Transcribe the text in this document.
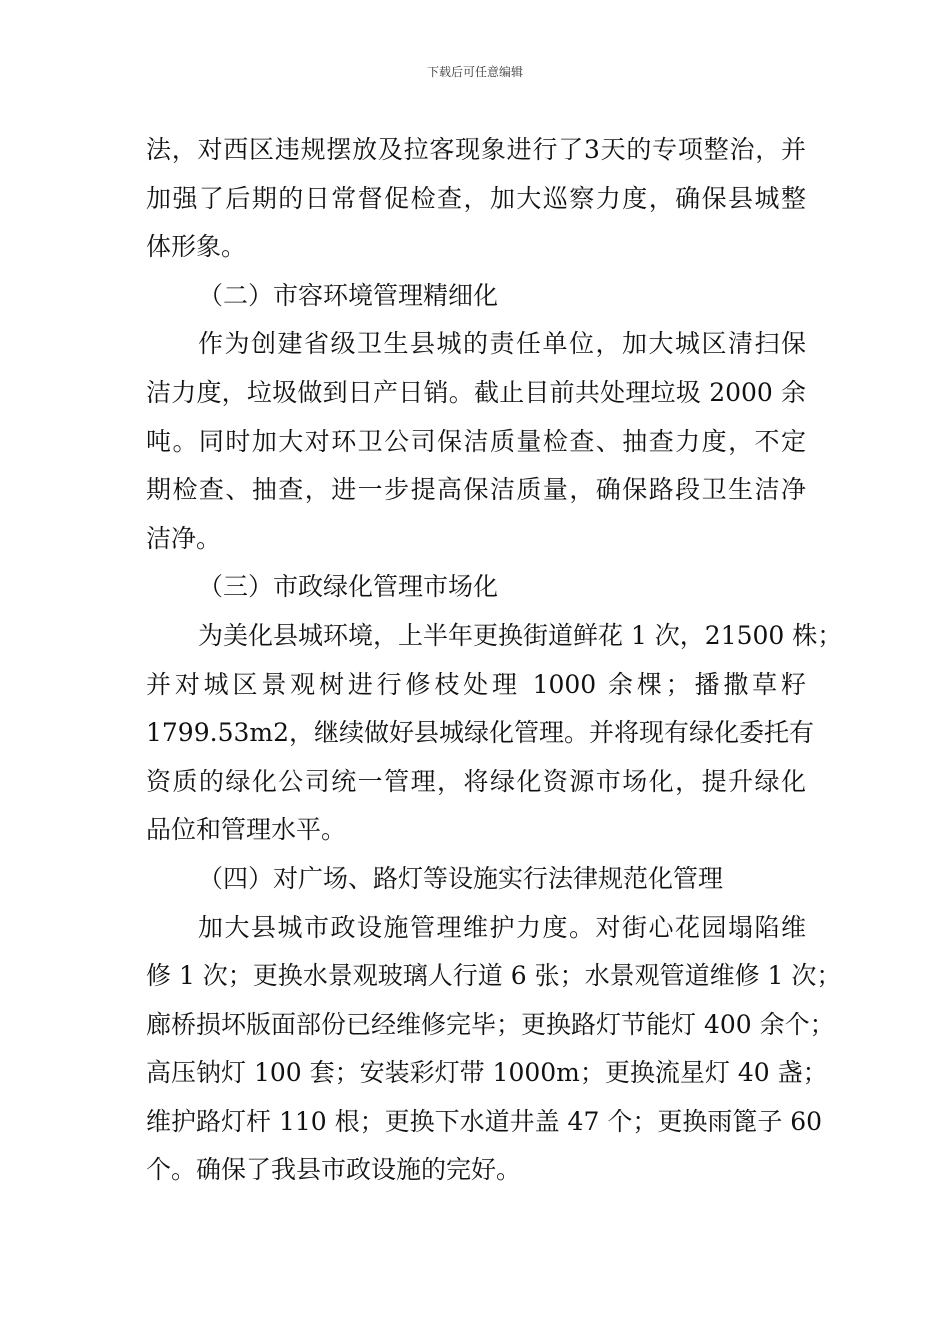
下载后可任意编辑
法，对西区违规摆放及拉客现象进行了3天的专项整治，并
加强了后期的日常督促检查，加大巡察力度，确保县城整
体形象。
（二）市容环境管理精细化
作为创建省级卫生县城的责任单位，加大城区清扫保
洁力度，垃圾做到日产日销。截止目前共处理垃圾 2000 余
吨。同时加大对环卫公司保洁质量检查、抽查力度，不定
期检查、抽查，进一步提高保洁质量，确保路段卫生洁净
洁净。
（三）市政绿化管理市场化
为美化县城环境，上半年更换街道鲜花 1 次，21500 株；
并对城区景观树进行修枝处理 1000 余棵；播撒草籽
1799.53m2，继续做好县城绿化管理。并将现有绿化委托有
资质的绿化公司统一管理，将绿化资源市场化，提升绿化
品位和管理水平。
（四）对广场、路灯等设施实行法律规范化管理
加大县城市政设施管理维护力度。对街心花园塌陷维
修 1 次；更换水景观玻璃人行道 6 张；水景观管道维修 1 次；
廊桥损坏版面部份已经维修完毕；更换路灯节能灯 400 余个；
高压钠灯 100 套；安装彩灯带 1000m；更换流星灯 40 盏；
维护路灯杆 110 根；更换下水道井盖 47 个；更换雨篦子 60
个。确保了我县市政设施的完好。
